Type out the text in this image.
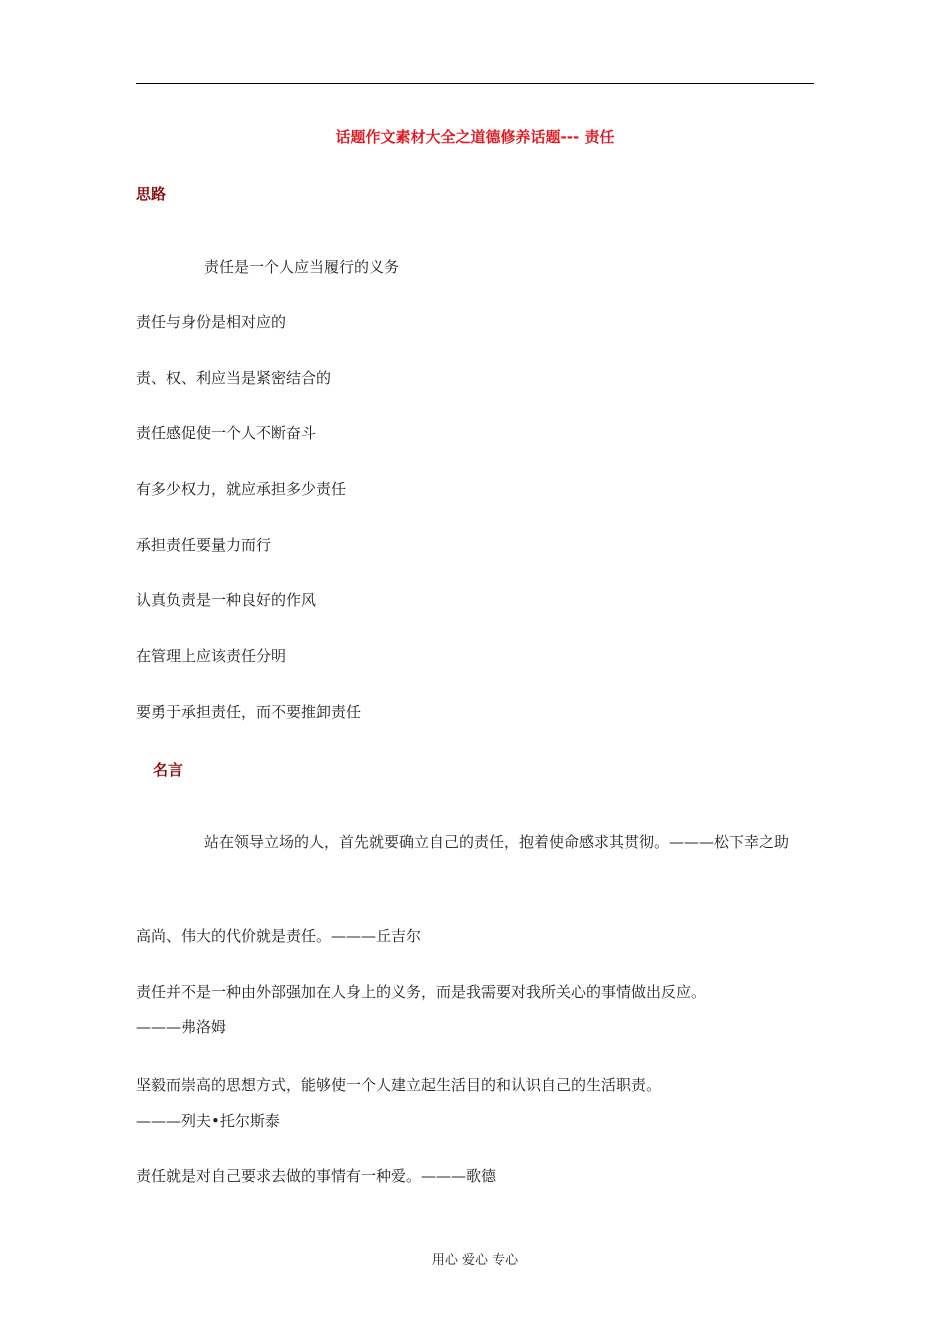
话题作文素材大全之道德修养话题--- 责任
思路
责任是一个人应当履行的义务
责任与身份是相对应的
责、权、利应当是紧密结合的
责任感促使一个人不断奋斗
有多少权力，就应承担多少责任
承担责任要量力而行
认真负责是一种良好的作风
在管理上应该责任分明
要勇于承担责任，而不要推卸责任
名言
站在领导立场的人，首先就要确立自己的责任，抱着使命感求其贯彻。———松下幸之助
高尚、伟大的代价就是责任。———丘吉尔
责任并不是一种由外部强加在人身上的义务，而是我需要对我所关心的事情做出反应。
———弗洛姆
坚毅而崇高的思想方式，能够使一个人建立起生活目的和认识自己的生活职责。
———列夫•托尔斯泰
责任就是对自己要求去做的事情有一种爱。———歌德
用心 爱心 专心
